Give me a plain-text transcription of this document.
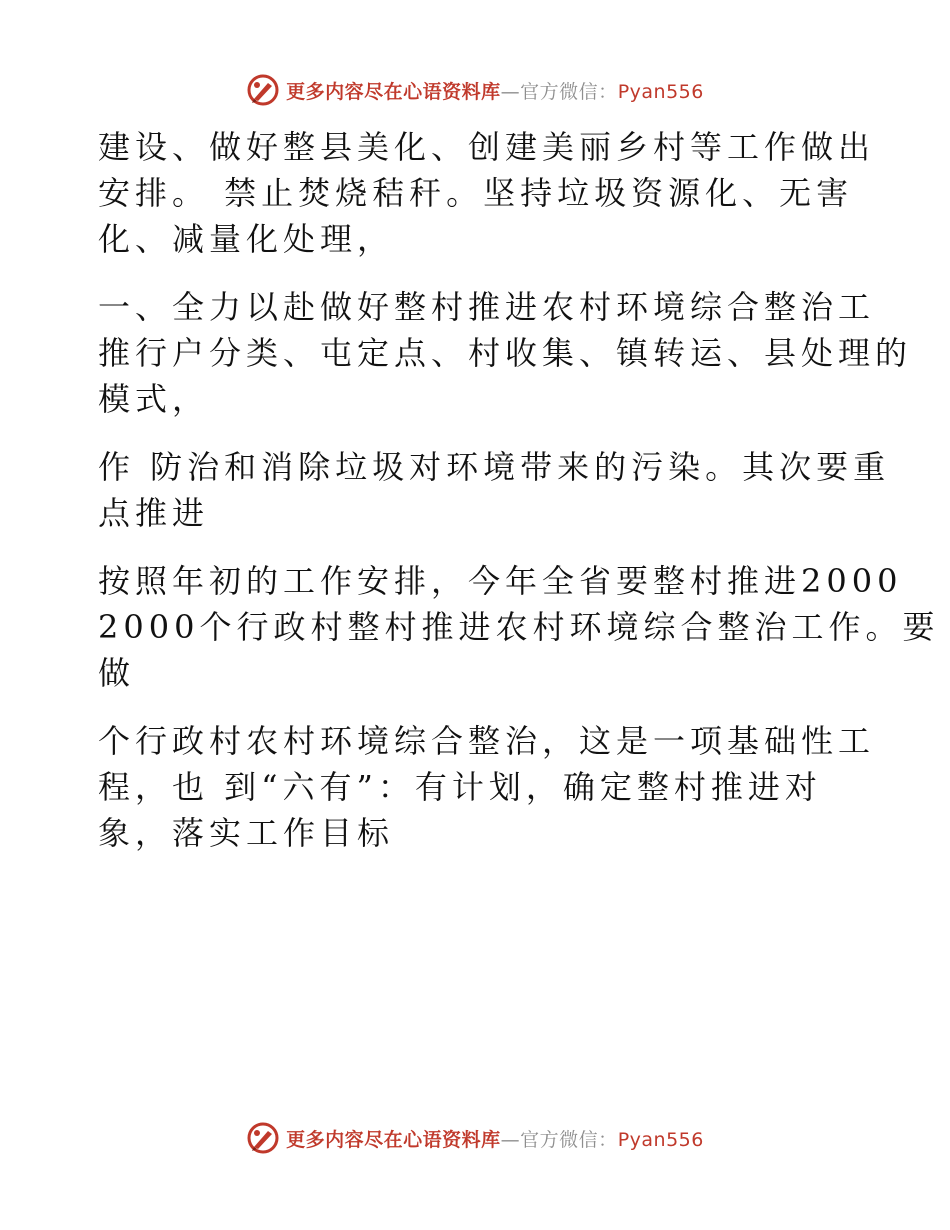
更多内容尽在心语资料库—官方微信：Pyan556
建设、做好整县美化、创建美丽乡村等工作做出
安排。 禁止焚烧秸秆。坚持垃圾资源化、无害
化、减量化处理，
一、全力以赴做好整村推进农村环境综合整治工
推行户分类、屯定点、村收集、镇转运、县处理的
模式，
作 防治和消除垃圾对环境带来的污染。其次要重
点推进
按照年初的工作安排，今年全省要整村推进2000
2000个行政村整村推进农村环境综合整治工作。要
做
个行政村农村环境综合整治，这是一项基础性工
程，也 到“六有”：有计划，确定整村推进对
象，落实工作目标
更多内容尽在心语资料库—官方微信：Pyan556
